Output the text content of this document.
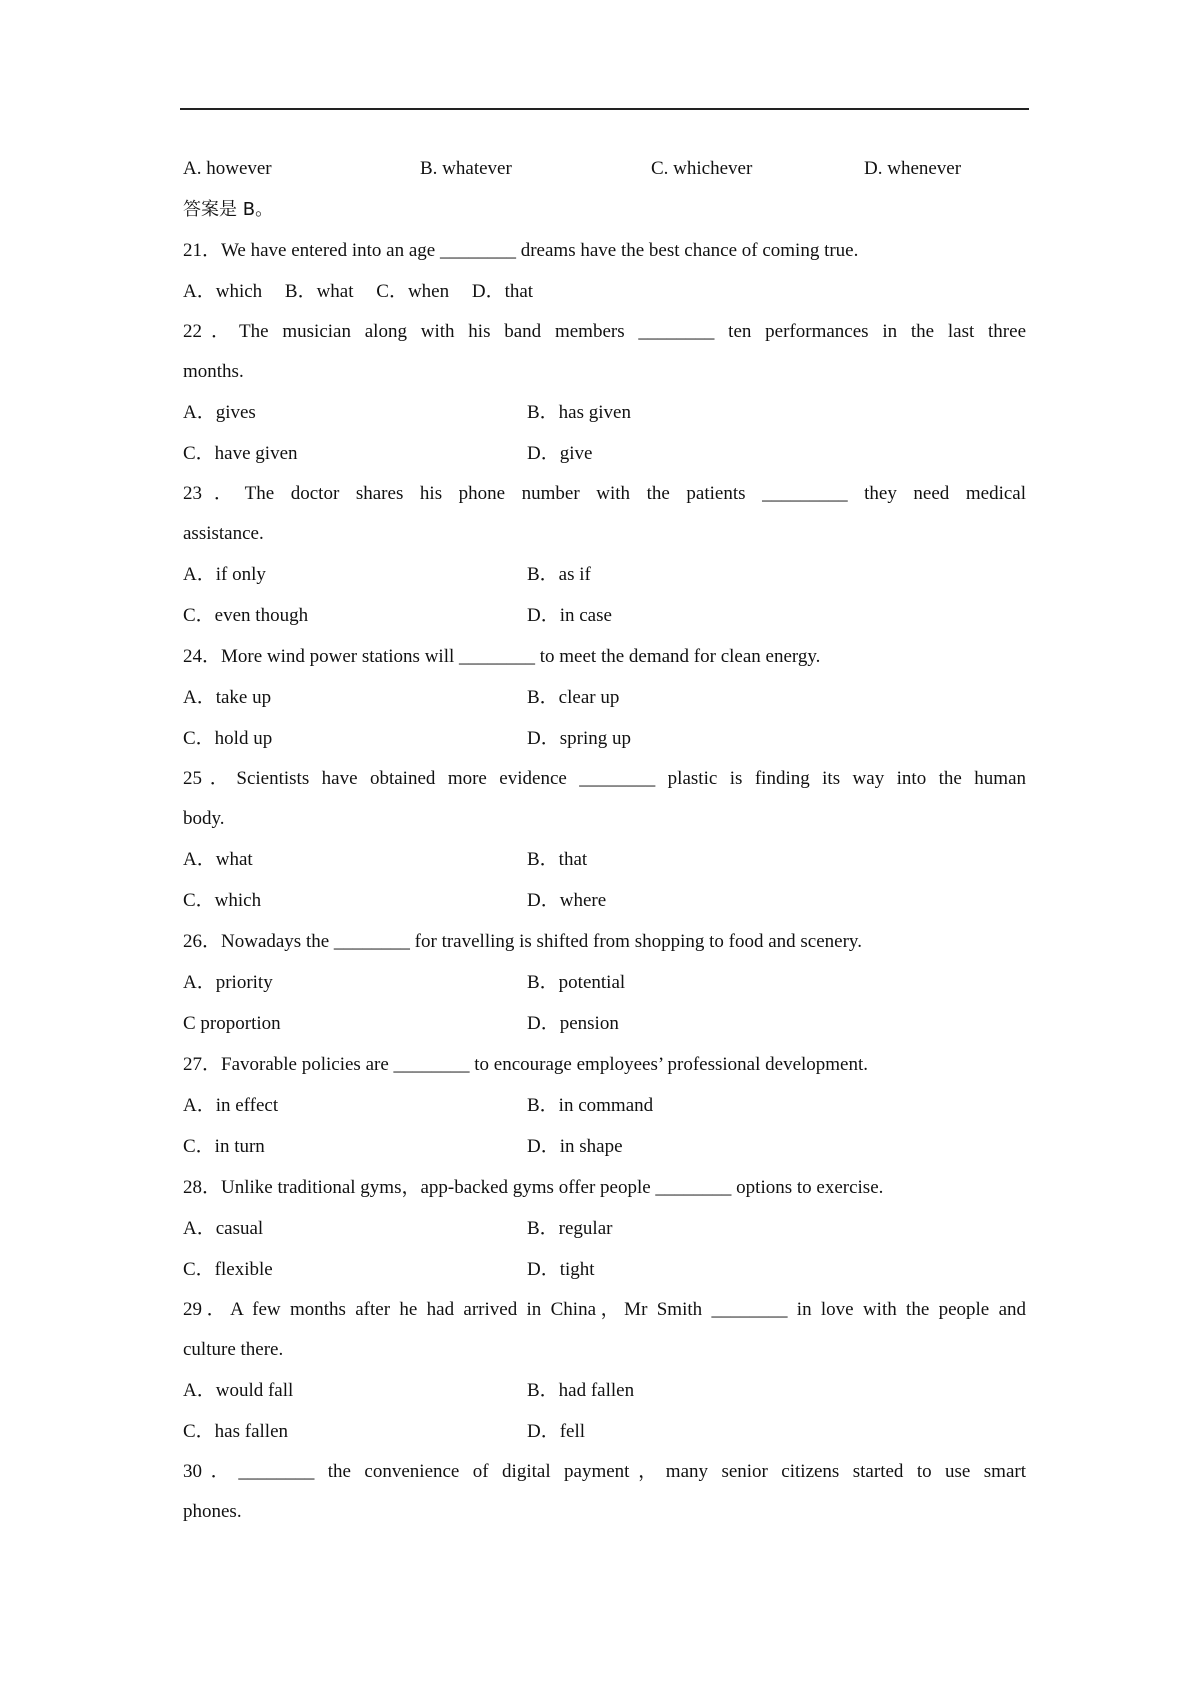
A. however	B. whatever	C. whichever	D. whenever
答案是 B。
21．We have entered into an age ________ dreams have the best chance of coming true.
A．which B．what C．when D．that
22．The musician along with his band members ________ ten performances in the last three
months.
A．gives	B．has given
C．have given	D．give
23．The doctor shares his phone number with the patients _________ they need medical
assistance.
A．if only	B．as if
C．even though	D．in case
24．More wind power stations will ________ to meet the demand for clean energy.
A．take up	B．clear up
C．hold up	D．spring up
25．Scientists have obtained more evidence ________ plastic is finding its way into the human
body.
A．what	B．that
C．which	D．where
26．Nowadays the ________ for travelling is shifted from shopping to food and scenery.
A．priority	B．potential
C proportion	D．pension
27．Favorable policies are ________ to encourage employees’ professional development.
A．in effect	B．in command
C．in turn	D．in shape
28．Unlike traditional gyms，app-backed gyms offer people ________ options to exercise.
A．casual	B．regular
C．flexible	D．tight
29．A few months after he had arrived in China，Mr Smith ________ in love with the people and
culture there.
A．would fall	B．had fallen
C．has fallen	D．fell
30．________ the convenience of digital payment，many senior citizens started to use smart
phones.
